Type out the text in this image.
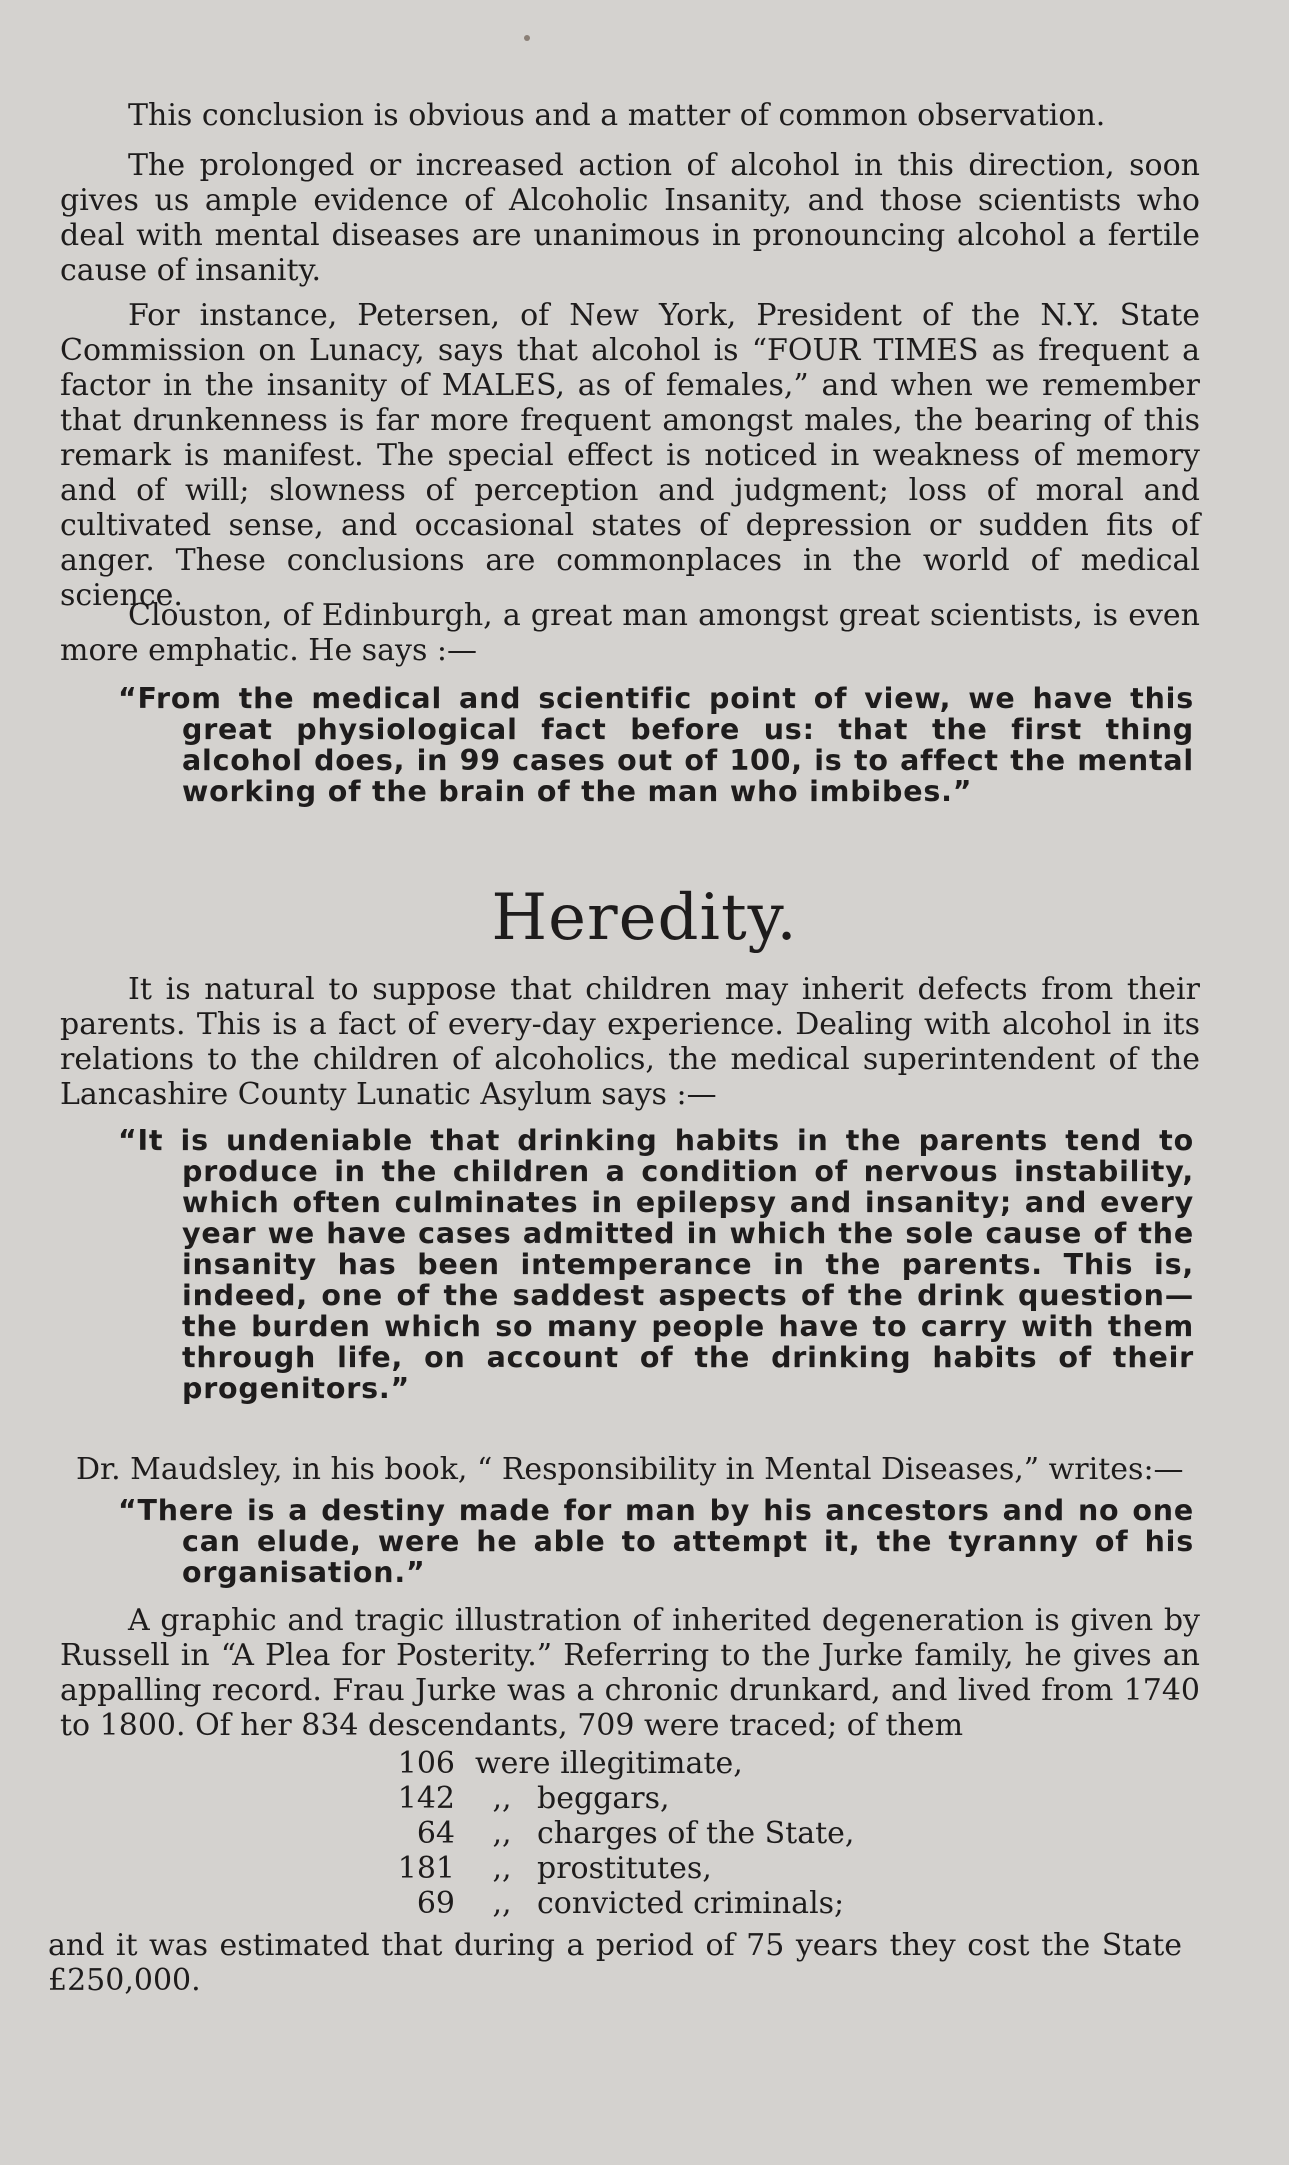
This conclusion is obvious and a matter of common observation.

The prolonged or increased action of alcohol in this direction, soon gives us ample evidence of Alcoholic Insanity, and those scientists who deal with mental diseases are unanimous in pronouncing alcohol a fertile cause of insanity.

For instance, Petersen, of New York, President of the N.Y. State Commission on Lunacy, says that alcohol is “FOUR TIMES as frequent a factor in the insanity of MALES, as of females,” and when we remember that drunkenness is far more frequent amongst males, the bearing of this remark is manifest. The special effect is noticed in weakness of memory and of will; slowness of perception and judgment; loss of moral and cultivated sense, and occasional states of depression or sudden fits of anger. These conclusions are commonplaces in the world of medical science.

Clouston, of Edinburgh, a great man amongst great scientists, is even more emphatic. He says :—

“From the medical and scientific point of view, we have this great physiological fact before us: that the first thing alcohol does, in 99 cases out of 100, is to affect the mental working of the brain of the man who imbibes.”

Heredity.

It is natural to suppose that children may inherit defects from their parents. This is a fact of every-day experience. Dealing with alcohol in its relations to the children of alcoholics, the medical superintendent of the Lancashire County Lunatic Asylum says :—

“It is undeniable that drinking habits in the parents tend to produce in the children a condition of nervous instability, which often culminates in epilepsy and insanity; and every year we have cases admitted in which the sole cause of the insanity has been intemperance in the parents. This is, indeed, one of the saddest aspects of the drink question—the burden which so many people have to carry with them through life, on account of the drinking habits of their progenitors.”

Dr. Maudsley, in his book, “ Responsibility in Mental Diseases,” writes:—

“There is a destiny made for man by his ancestors and no one can elude, were he able to attempt it, the tyranny of his organisation.”

A graphic and tragic illustration of inherited degeneration is given by Russell in “A Plea for Posterity.” Referring to the Jurke family, he gives an appalling record. Frau Jurke was a chronic drunkard, and lived from 1740 to 1800. Of her 834 descendants, 709 were traced; of them

106 were illegitimate,
142	,, beggars,
64	,, charges of the State,
181	,, prostitutes,
69	,, convicted criminals;

and it was estimated that during a period of 75 years they cost the State £250,000.
